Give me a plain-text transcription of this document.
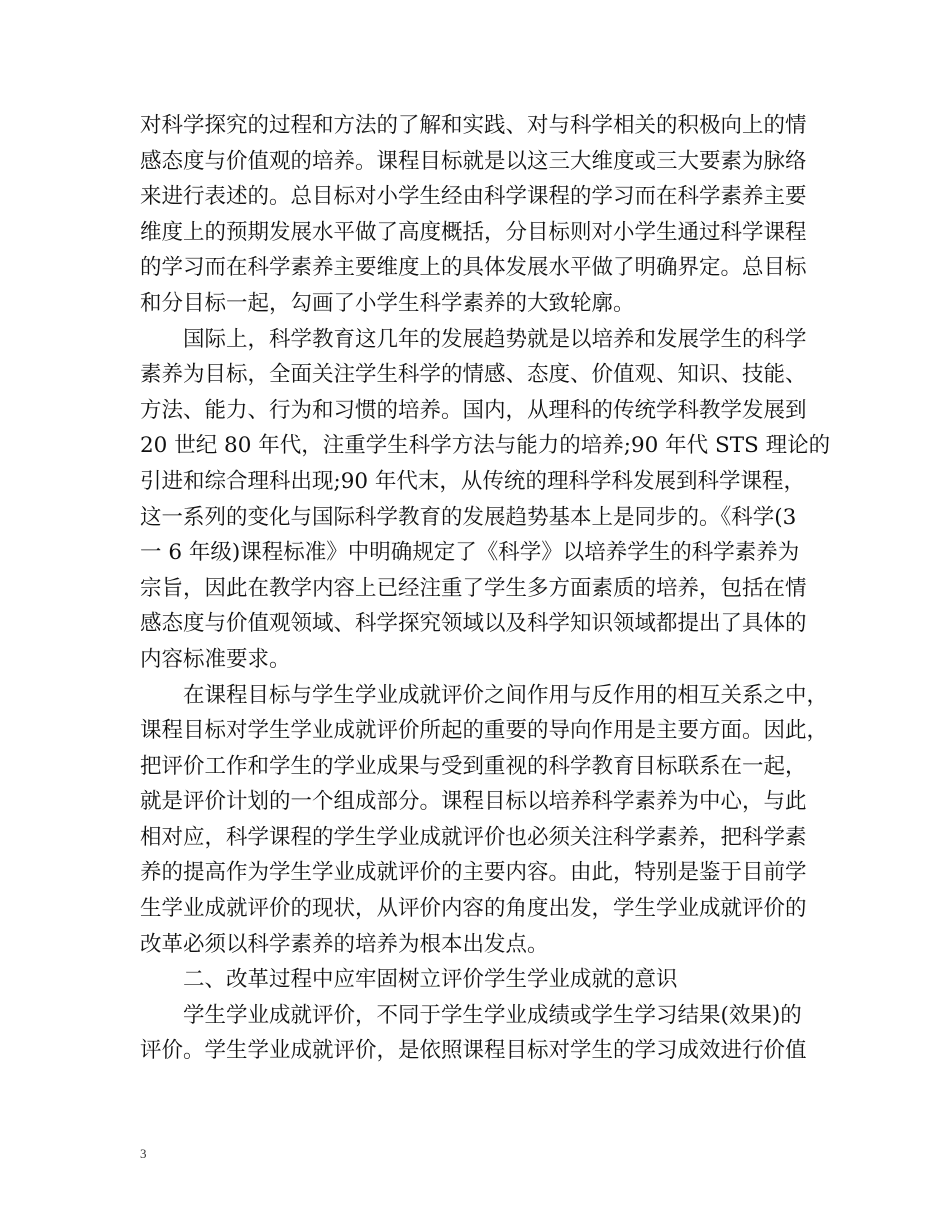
对科学探究的过程和方法的了解和实践、对与科学相关的积极向上的情
感态度与价值观的培养。课程目标就是以这三大维度或三大要素为脉络
来进行表述的。总目标对小学生经由科学课程的学习而在科学素养主要
维度上的预期发展水平做了高度概括，分目标则对小学生通过科学课程
的学习而在科学素养主要维度上的具体发展水平做了明确界定。总目标
和分目标一起，勾画了小学生科学素养的大致轮廓。
国际上，科学教育这几年的发展趋势就是以培养和发展学生的科学
素养为目标，全面关注学生科学的情感、态度、价值观、知识、技能、
方法、能力、行为和习惯的培养。国内，从理科的传统学科教学发展到
20 世纪 80 年代，注重学生科学方法与能力的培养;90 年代 STS 理论的
引进和综合理科出现;90 年代末，从传统的理科学科发展到科学课程，
这一系列的变化与国际科学教育的发展趋势基本上是同步的。《科学(3
一 6 年级)课程标准》中明确规定了《科学》以培养学生的科学素养为
宗旨，因此在教学内容上已经注重了学生多方面素质的培养，包括在情
感态度与价值观领域、科学探究领域以及科学知识领域都提出了具体的
内容标准要求。
在课程目标与学生学业成就评价之间作用与反作用的相互关系之中，
课程目标对学生学业成就评价所起的重要的导向作用是主要方面。因此，
把评价工作和学生的学业成果与受到重视的科学教育目标联系在一起，
就是评价计划的一个组成部分。课程目标以培养科学素养为中心，与此
相对应，科学课程的学生学业成就评价也必须关注科学素养，把科学素
养的提高作为学生学业成就评价的主要内容。由此，特别是鉴于目前学
生学业成就评价的现状，从评价内容的角度出发，学生学业成就评价的
改革必须以科学素养的培养为根本出发点。
二、改革过程中应牢固树立评价学生学业成就的意识
学生学业成就评价，不同于学生学业成绩或学生学习结果(效果)的
评价。学生学业成就评价，是依照课程目标对学生的学习成效进行价值
3
